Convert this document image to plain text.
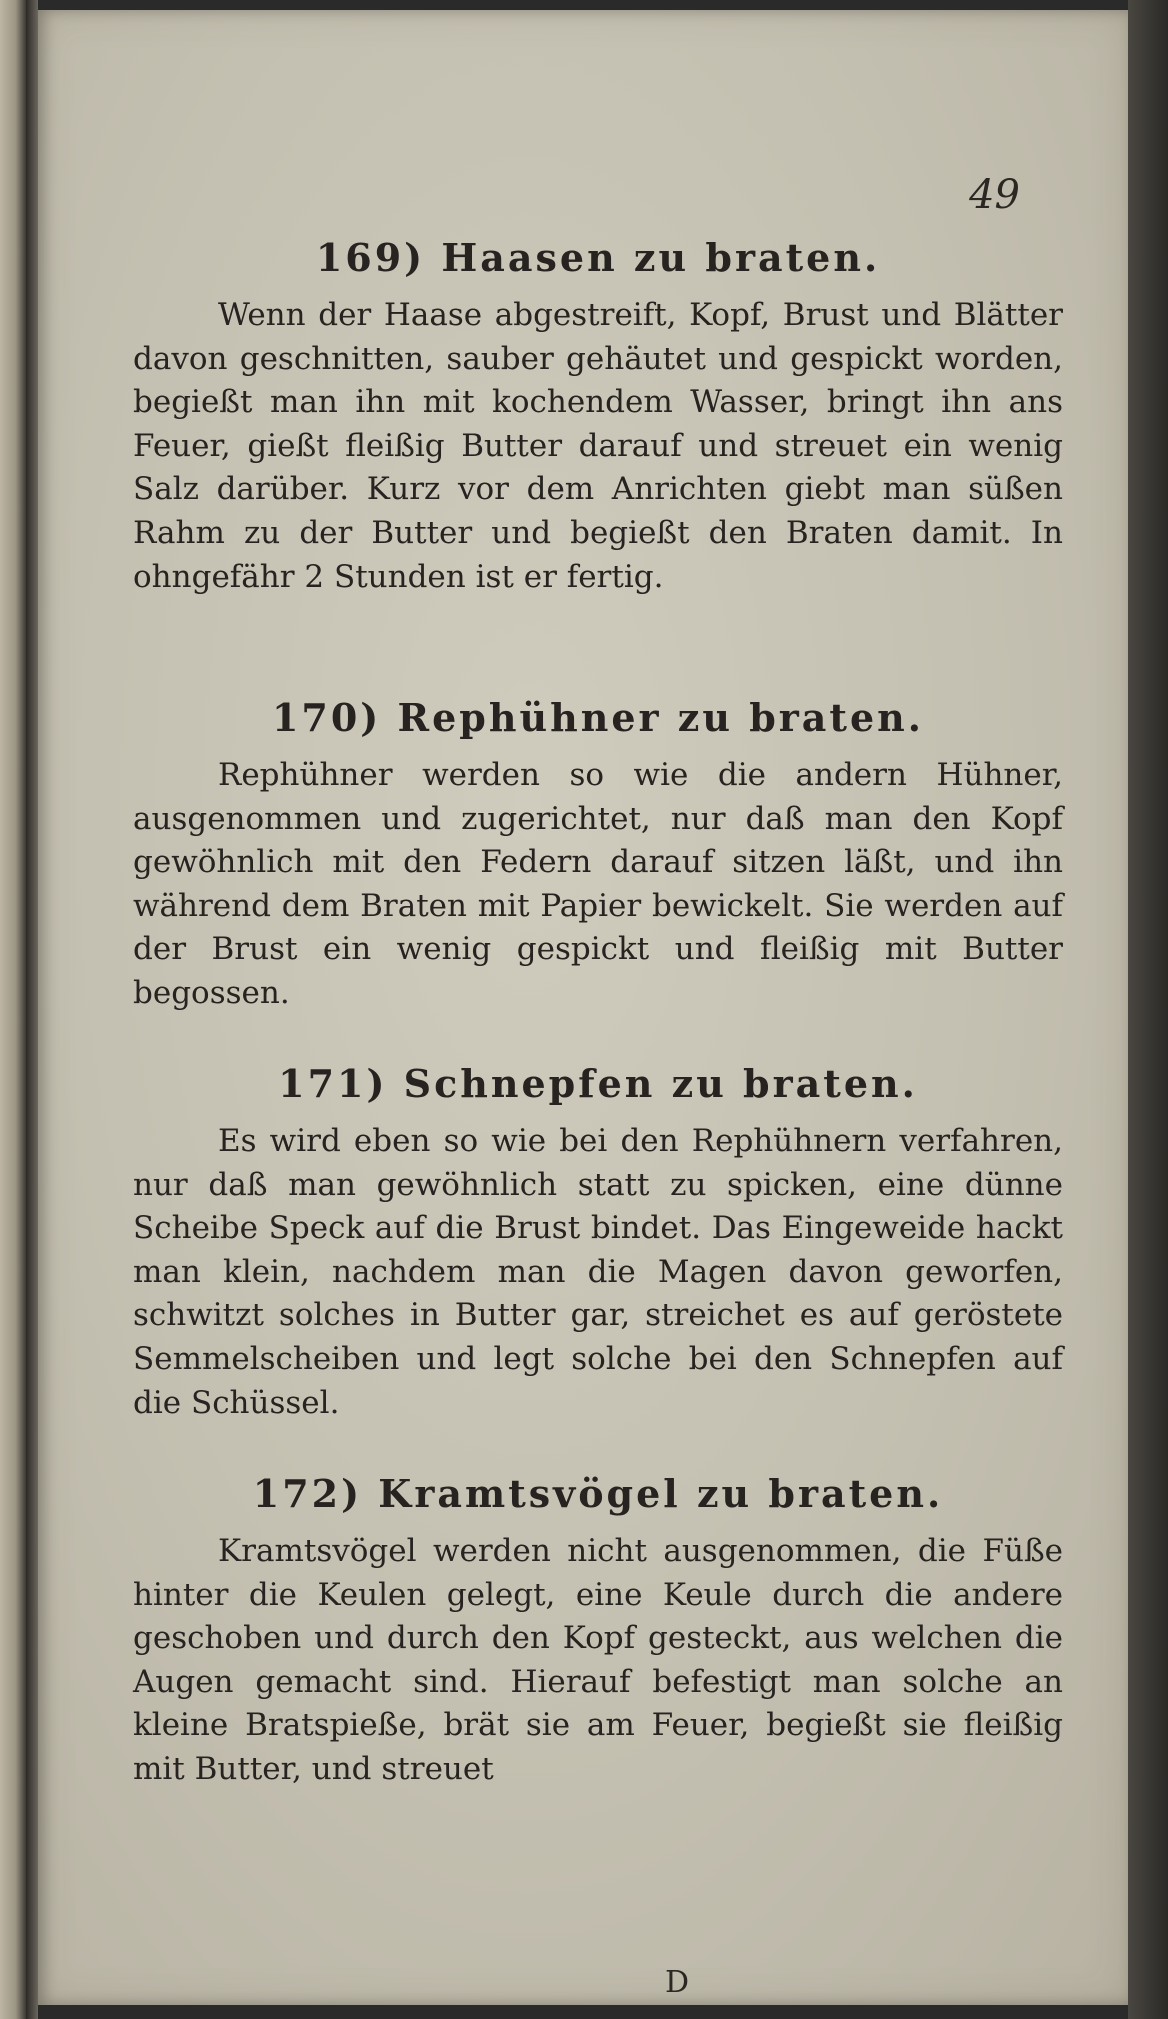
49

169) Haasen zu braten.

Wenn der Haase abgestreift, Kopf, Brust und Blätter davon geschnitten, sauber gehäutet und gespickt worden, begießt man ihn mit kochendem Wasser, bringt ihn ans Feuer, gießt fleißig Butter darauf und streuet ein wenig Salz darüber. Kurz vor dem Anrichten giebt man süßen Rahm zu der Butter und begießt den Braten damit. In ohngefähr 2 Stunden ist er fertig.

170) Rephühner zu braten.

Rephühner werden so wie die andern Hühner, ausgenommen und zugerichtet, nur daß man den Kopf gewöhnlich mit den Federn darauf sitzen läßt, und ihn während dem Braten mit Papier bewickelt. Sie werden auf der Brust ein wenig gespickt und fleißig mit Butter begossen.

171) Schnepfen zu braten.

Es wird eben so wie bei den Rephühnern verfahren, nur daß man gewöhnlich statt zu spicken, eine dünne Scheibe Speck auf die Brust bindet. Das Eingeweide hackt man klein, nachdem man die Magen davon geworfen, schwitzt solches in Butter gar, streichet es auf geröstete Semmelscheiben und legt solche bei den Schnepfen auf die Schüssel.

172) Kramtsvögel zu braten.

Kramtsvögel werden nicht ausgenommen, die Füße hinter die Keulen gelegt, eine Keule durch die andere geschoben und durch den Kopf gesteckt, aus welchen die Augen gemacht sind. Hierauf befestigt man solche an kleine Bratspieße, brät sie am Feuer, begießt sie fleißig mit Butter, und streuet

D
